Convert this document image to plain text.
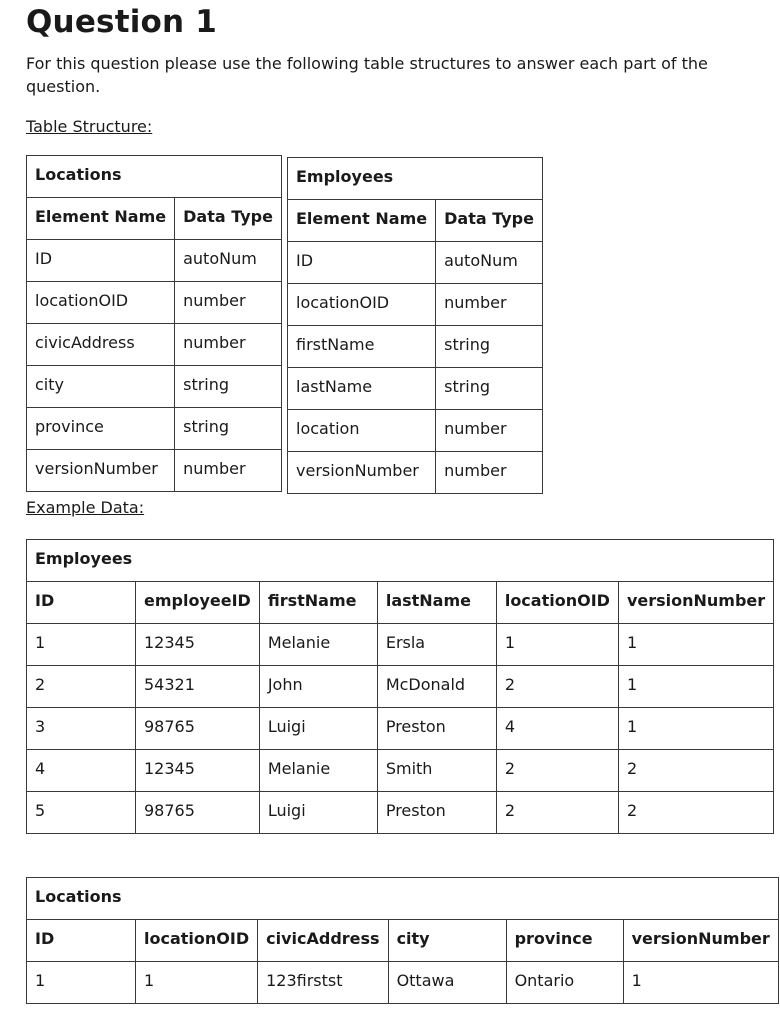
Question 1
For this question please use the following table structures to answer each part of the question.
Table Structure:
Locations	
Element Name	Data Type
ID	autoNum
locationOID	number
civicAddress	number
city	string
province	string
versionNumber	number
Employees	
Element Name	Data Type
ID	autoNum
locationOID	number
firstName	string
lastName	string
location	number
versionNumber	number
Example Data:
Employees					
ID	employeeID	firstName	lastName	locationOID	versionNumber
1	12345	Melanie	Ersla	1	1
2	54321	John	McDonald	2	1
3	98765	Luigi	Preston	4	1
4	12345	Melanie	Smith	2	2
5	98765	Luigi	Preston	2	2
Locations					
ID	locationOID	civicAddress	city	province	versionNumber
1	1	123firstst	Ottawa	Ontario	1
